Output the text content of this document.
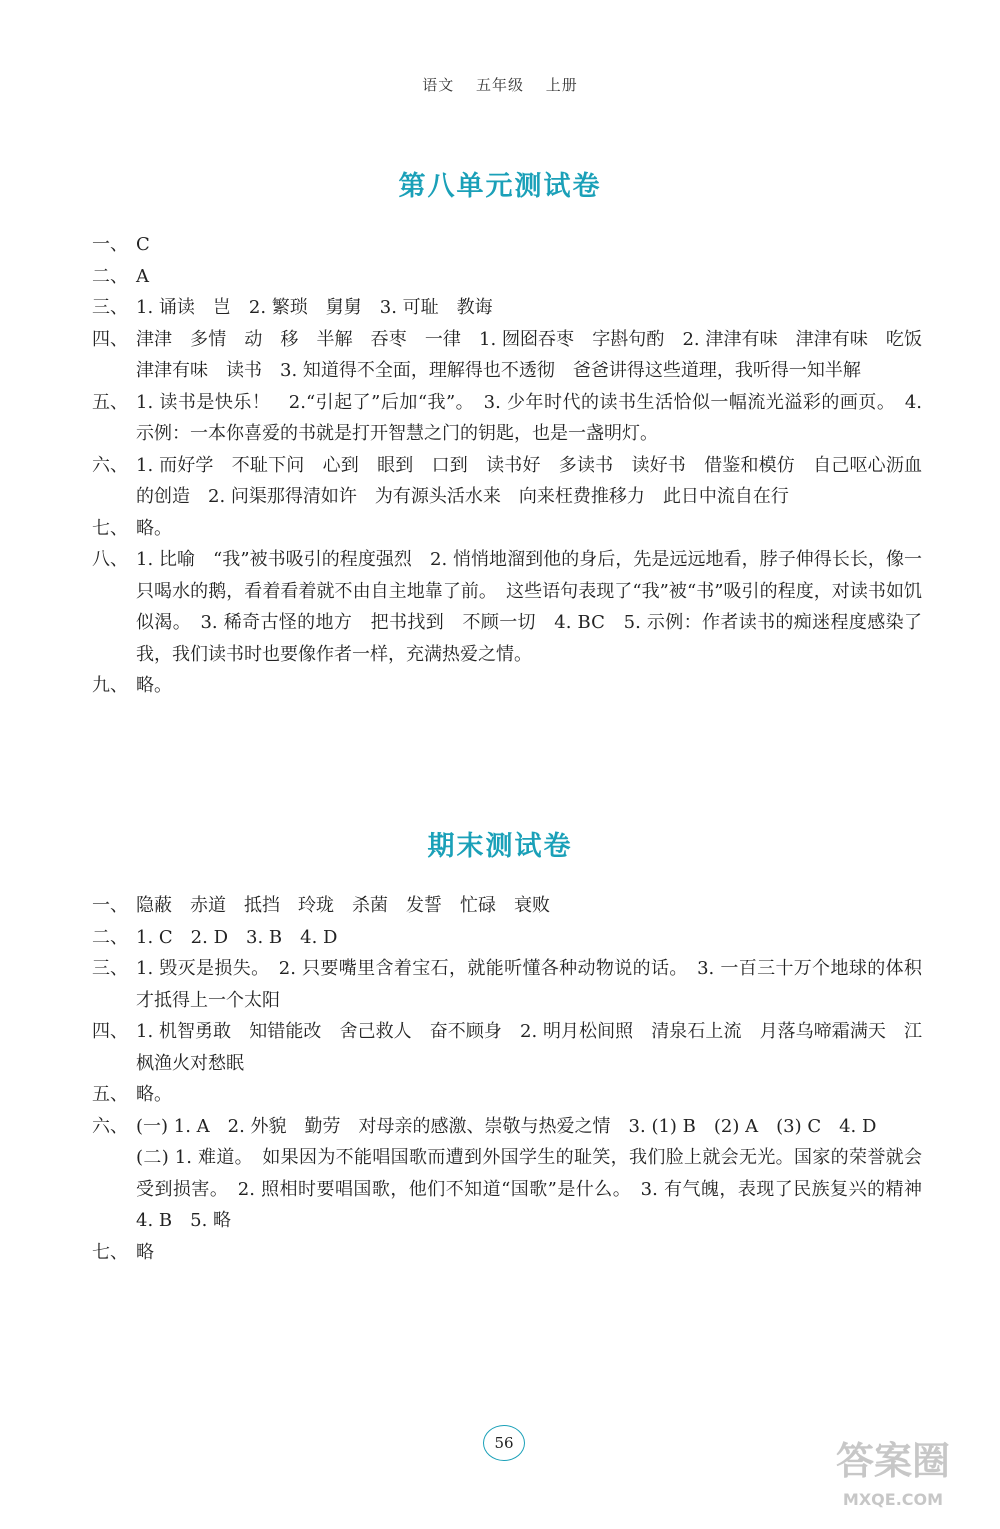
语文 五年级 上册
第八单元测试卷
一、 C
二、 A
三、 1. 诵读　岂　2. 繁琐　舅舅　3. 可耻　教诲
四、 津津　多情　动　移　半解　吞枣　一律　1. 囫囵吞枣　字斟句酌　2. 津津有味　津津有味　吃饭　津津有味　读书　3. 知道得不全面，理解得也不透彻　爸爸讲得这些道理，我听得一知半解
五、 1. 读书是快乐！　2.“引起了”后加“我”。　3. 少年时代的读书生活恰似一幅流光溢彩的画页。　4. 示例：一本你喜爱的书就是打开智慧之门的钥匙，也是一盏明灯。
六、 1. 而好学　不耻下问　心到　眼到　口到　读书好　多读书　读好书　借鉴和模仿　自己呕心沥血的创造　2. 问渠那得清如许　为有源头活水来　向来枉费推移力　此日中流自在行
七、 略。
八、 1. 比喻　“我”被书吸引的程度强烈　2. 悄悄地溜到他的身后，先是远远地看，脖子伸得长长，像一只喝水的鹅，看着看着就不由自主地靠了前。　这些语句表现了“我”被“书”吸引的程度，对读书如饥似渴。　3. 稀奇古怪的地方　把书找到　不顾一切　4. BC　5. 示例：作者读书的痴迷程度感染了我，我们读书时也要像作者一样，充满热爱之情。
九、 略。
期末测试卷
一、 隐蔽　赤道　抵挡　玲珑　杀菌　发誓　忙碌　衰败
二、 1. C　2. D　3. B　4. D
三、 1. 毁灭是损失。　2. 只要嘴里含着宝石，就能听懂各种动物说的话。　3. 一百三十万个地球的体积才抵得上一个太阳
四、 1. 机智勇敢　知错能改　舍己救人　奋不顾身　2. 明月松间照　清泉石上流　月落乌啼霜满天　江枫渔火对愁眠
五、 略。
六、 (一) 1. A　2. 外貌　勤劳　对母亲的感激、崇敬与热爱之情　3. (1) B　(2) A　(3) C　4. D
(二) 1. 难道。　如果因为不能唱国歌而遭到外国学生的耻笑，我们脸上就会无光。国家的荣誉就会受到损害。　2. 照相时要唱国歌，他们不知道“国歌”是什么。　3. 有气魄，表现了民族复兴的精神　4. B　5. 略
七、 略
56	答案圈
MXQE.COM
